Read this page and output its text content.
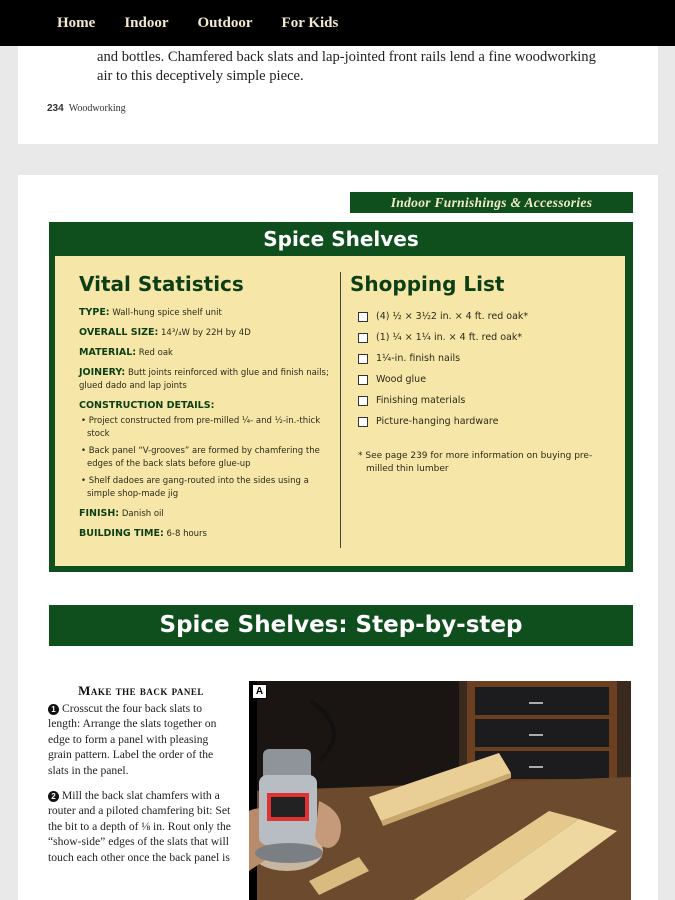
Home Indoor Outdoor For Kids
and bottles. Chamfered back slats and lap-jointed front rails lend a fine woodworking air to this deceptively simple piece.
234 Woodworking
Indoor Furnishings & Accessories
Spice Shelves
Vital Statistics
TYPE: Wall-hung spice shelf unit
OVERALL SIZE: 14³/₄W by 22H by 4D
MATERIAL: Red oak
JOINERY: Butt joints reinforced with glue and finish nails; glued dado and lap joints
CONSTRUCTION DETAILS:
• Project constructed from pre-milled ¼- and ½-in.-thick stock
• Back panel “V-grooves” are formed by chamfering the edges of the back slats before glue-up
• Shelf dadoes are gang-routed into the sides using a simple shop-made jig
FINISH: Danish oil
BUILDING TIME: 6-8 hours
Shopping List
(4) ½ × 3½2 in. × 4 ft. red oak*
(1) ¼ × 1¼ in. × 4 ft. red oak*
1¼-in. finish nails
Wood glue
Finishing materials
Picture-hanging hardware
* See page 239 for more information on buying pre-milled thin lumber
Spice Shelves: Step-by-step
Make the back panel

1 Crosscut the four back slats to length: Arrange the slats together on edge to form a panel with pleasing grain pattern. Label the order of the slats in the panel.

2 Mill the back slat chamfers with a router and a piloted chamfering bit: Set the bit to a depth of ⅛ in. Rout only the “show-side” edges of the slats that will touch each other once the back panel is

A
